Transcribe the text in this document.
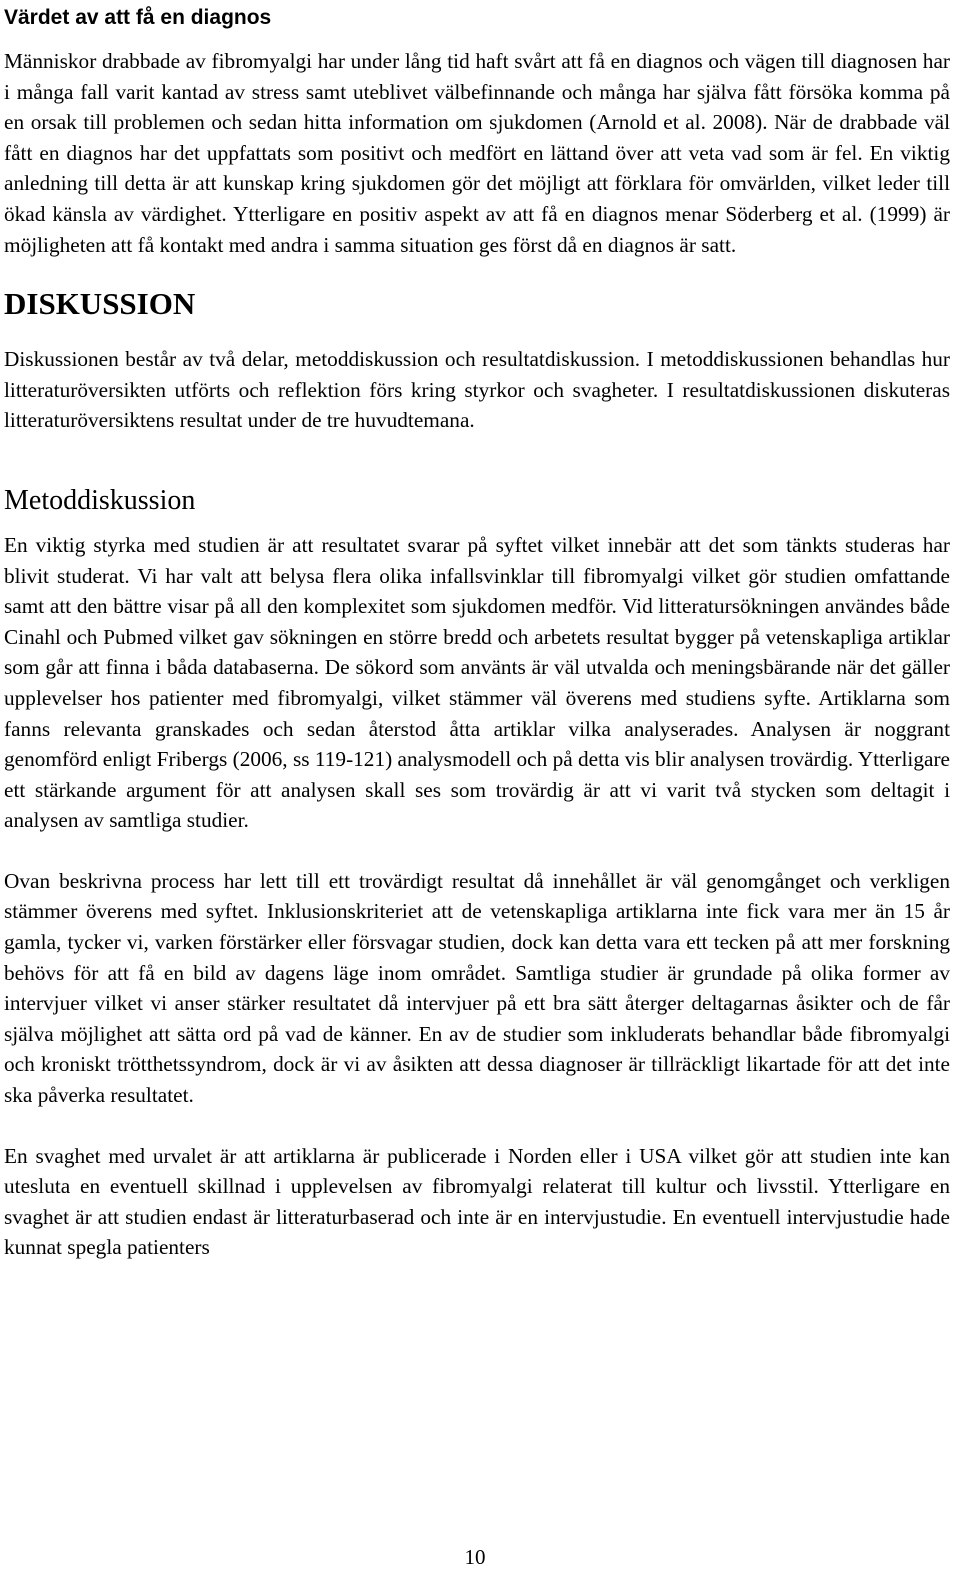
Värdet av att få en diagnos

Människor drabbade av fibromyalgi har under lång tid haft svårt att få en diagnos och vägen till diagnosen har i många fall varit kantad av stress samt uteblivet välbefinnande och många har själva fått försöka komma på en orsak till problemen och sedan hitta information om sjukdomen (Arnold et al. 2008). När de drabbade väl fått en diagnos har det uppfattats som positivt och medfört en lättand över att veta vad som är fel. En viktig anledning till detta är att kunskap kring sjukdomen gör det möjligt att förklara för omvärlden, vilket leder till ökad känsla av värdighet. Ytterligare en positiv aspekt av att få en diagnos menar Söderberg et al. (1999) är möjligheten att få kontakt med andra i samma situation ges först då en diagnos är satt.

DISKUSSION

Diskussionen består av två delar, metoddiskussion och resultatdiskussion. I metoddiskussionen behandlas hur litteraturöversikten utförts och reflektion förs kring styrkor och svagheter. I resultatdiskussionen diskuteras litteraturöversiktens resultat under de tre huvudtemana.

Metoddiskussion

En viktig styrka med studien är att resultatet svarar på syftet vilket innebär att det som tänkts studeras har blivit studerat. Vi har valt att belysa flera olika infallsvinklar till fibromyalgi vilket gör studien omfattande samt att den bättre visar på all den komplexitet som sjukdomen medför. Vid litteratursökningen användes både Cinahl och Pubmed vilket gav sökningen en större bredd och arbetets resultat bygger på vetenskapliga artiklar som går att finna i båda databaserna. De sökord som använts är väl utvalda och meningsbärande när det gäller upplevelser hos patienter med fibromyalgi, vilket stämmer väl överens med studiens syfte. Artiklarna som fanns relevanta granskades och sedan återstod åtta artiklar vilka analyserades. Analysen är noggrant genomförd enligt Fribergs (2006, ss 119-121) analysmodell och på detta vis blir analysen trovärdig. Ytterligare ett stärkande argument för att analysen skall ses som trovärdig är att vi varit två stycken som deltagit i analysen av samtliga studier.

Ovan beskrivna process har lett till ett trovärdigt resultat då innehållet är väl genomgånget och verkligen stämmer överens med syftet. Inklusionskriteriet att de vetenskapliga artiklarna inte fick vara mer än 15 år gamla, tycker vi, varken förstärker eller försvagar studien, dock kan detta vara ett tecken på att mer forskning behövs för att få en bild av dagens läge inom området. Samtliga studier är grundade på olika former av intervjuer vilket vi anser stärker resultatet då intervjuer på ett bra sätt återger deltagarnas åsikter och de får själva möjlighet att sätta ord på vad de känner. En av de studier som inkluderats behandlar både fibromyalgi och kroniskt trötthetssyndrom, dock är vi av åsikten att dessa diagnoser är tillräckligt likartade för att det inte ska påverka resultatet.

En svaghet med urvalet är att artiklarna är publicerade i Norden eller i USA vilket gör att studien inte kan utesluta en eventuell skillnad i upplevelsen av fibromyalgi relaterat till kultur och livsstil. Ytterligare en svaghet är att studien endast är litteraturbaserad och inte är en intervjustudie. En eventuell intervjustudie hade kunnat spegla patienters

10
